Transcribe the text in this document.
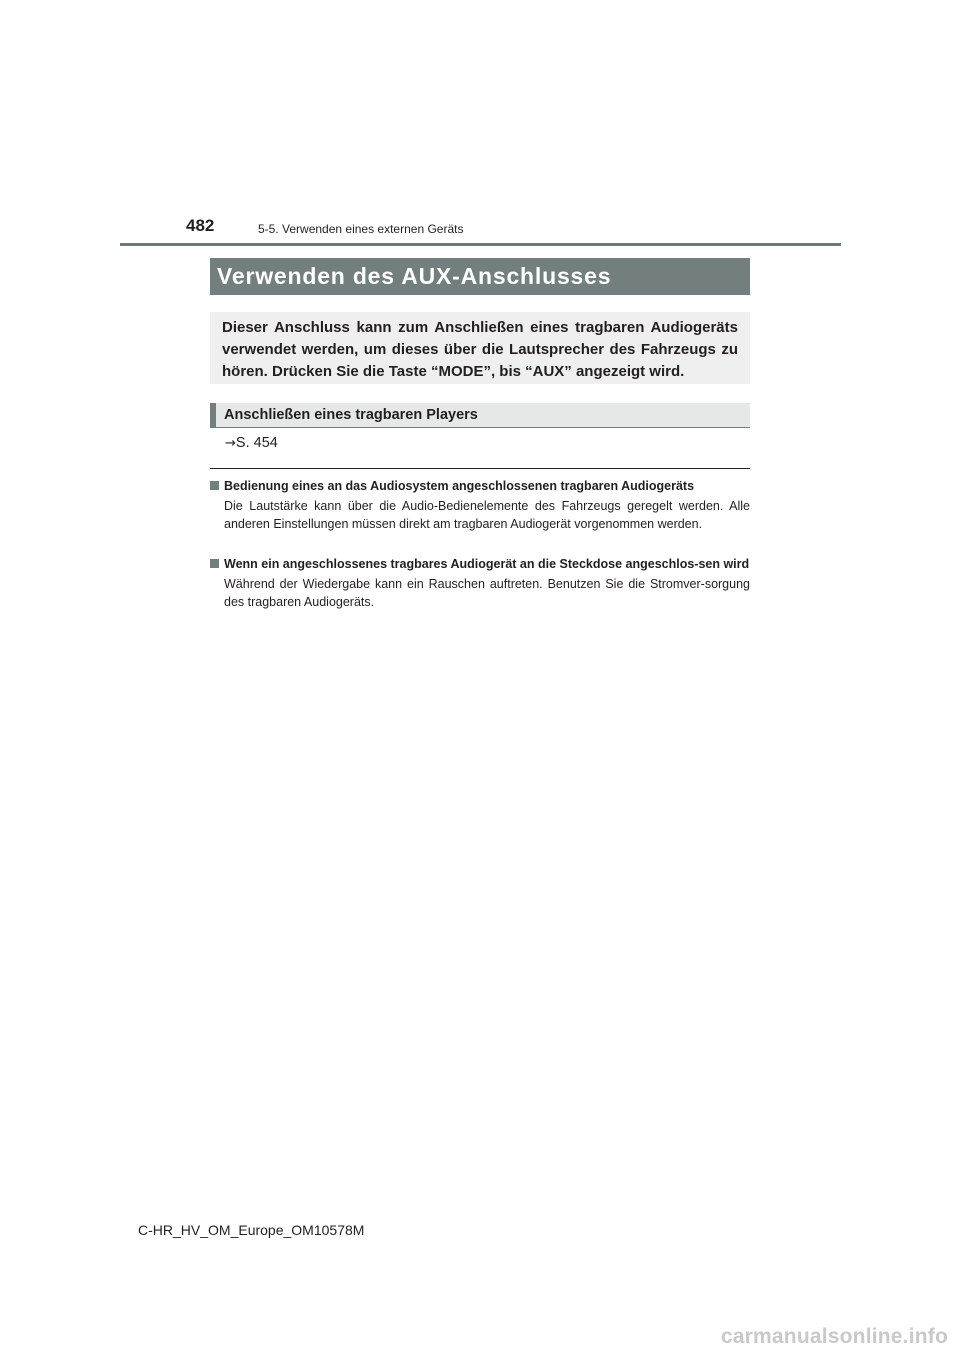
482	5-5. Verwenden eines externen Geräts
Verwenden des AUX-Anschlusses
Dieser Anschluss kann zum Anschließen eines tragbaren Audiogeräts verwendet werden, um dieses über die Lautsprecher des Fahrzeugs zu hören. Drücken Sie die Taste “MODE”, bis “AUX” angezeigt wird.
Anschließen eines tragbaren Players
→S. 454
Bedienung eines an das Audiosystem angeschlossenen tragbaren Audiogeräts
Die Lautstärke kann über die Audio-Bedienelemente des Fahrzeugs geregelt werden. Alle anderen Einstellungen müssen direkt am tragbaren Audiogerät vorgenommen werden.
Wenn ein angeschlossenes tragbares Audiogerät an die Steckdose angeschlos-sen wird
Während der Wiedergabe kann ein Rauschen auftreten. Benutzen Sie die Stromver-sorgung des tragbaren Audiogeräts.
C-HR_HV_OM_Europe_OM10578M
carmanualsonline.info
